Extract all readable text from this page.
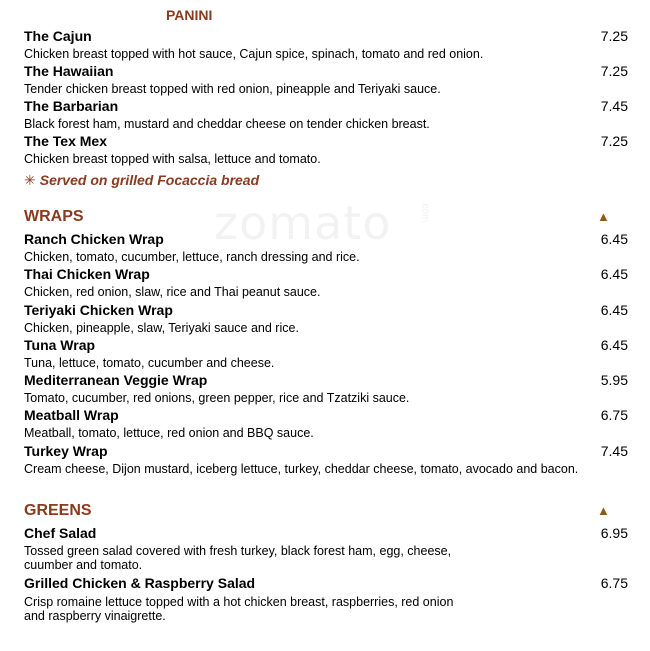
zomato	.com
PANINI
The Cajun	7.25
Chicken breast topped with hot sauce, Cajun spice, spinach, tomato and red onion.
The Hawaiian	7.25
Tender chicken breast topped with red onion, pineapple and Teriyaki sauce.
The Barbarian	7.45
Black forest ham, mustard and cheddar cheese on tender chicken breast.
The Tex Mex	7.25
Chicken breast topped with salsa, lettuce and tomato.
✳ Served on grilled Focaccia bread
WRAPS	▲
Ranch Chicken Wrap	6.45
Chicken, tomato, cucumber, lettuce, ranch dressing and rice.
Thai Chicken Wrap	6.45
Chicken, red onion, slaw, rice and Thai peanut sauce.
Teriyaki Chicken Wrap	6.45
Chicken, pineapple, slaw, Teriyaki sauce and rice.
Tuna Wrap	6.45
Tuna, lettuce, tomato, cucumber and cheese.
Mediterranean Veggie Wrap	5.95
Tomato, cucumber, red onions, green pepper, rice and Tzatziki sauce.
Meatball Wrap	6.75
Meatball, tomato, lettuce, red onion and BBQ sauce.
Turkey Wrap	7.45
Cream cheese, Dijon mustard, iceberg lettuce, turkey, cheddar cheese, tomato, avocado and bacon.
GREENS	▲
Chef Salad	6.95
Tossed green salad covered with fresh turkey, black forest ham, egg, cheese,
cuumber and tomato.
Grilled Chicken & Raspberry Salad	6.75
Crisp romaine lettuce topped with a hot chicken breast, raspberries, red onion
and raspberry vinaigrette.
